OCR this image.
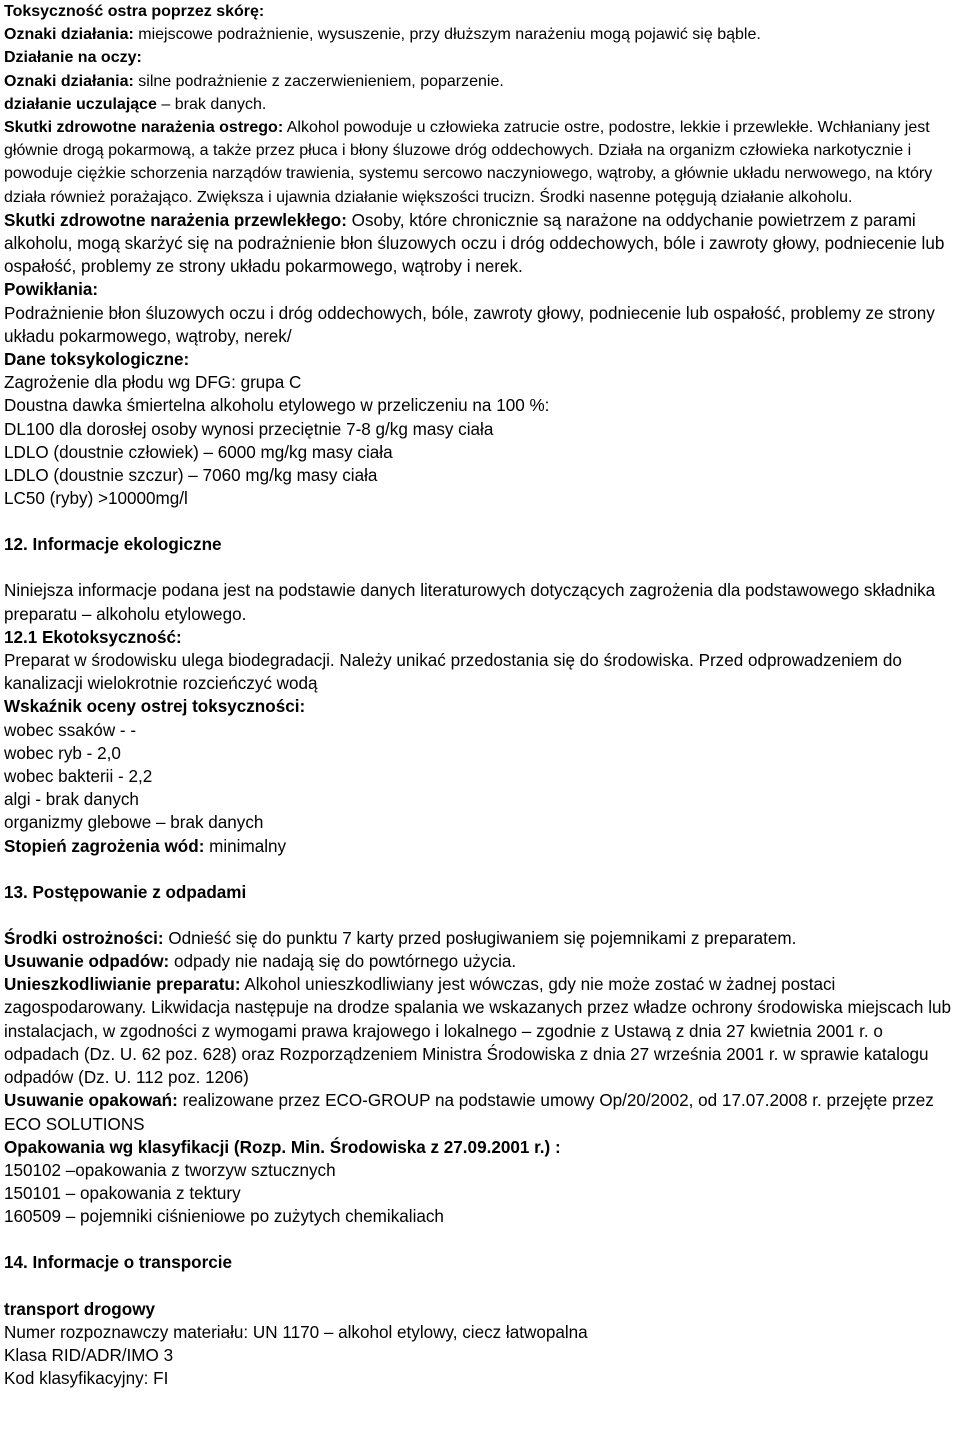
Toksyczność ostra poprzez skórę:

Oznaki działania: miejscowe podrażnienie, wysuszenie, przy dłuższym narażeniu mogą pojawić się bąble.

Działanie na oczy:

Oznaki działania: silne podrażnienie z zaczerwienieniem, poparzenie.

działanie uczulające – brak danych.

Skutki zdrowotne narażenia ostrego: Alkohol powoduje u człowieka zatrucie ostre, podostre, lekkie i przewlekłe. Wchłaniany jest głównie drogą pokarmową, a także przez płuca i błony śluzowe dróg oddechowych. Działa na organizm człowieka narkotycznie i powoduje ciężkie schorzenia narządów trawienia, systemu sercowo naczyniowego, wątroby, a głównie układu nerwowego, na który działa również porażająco. Zwiększa i ujawnia działanie większości trucizn. Środki nasenne potęgują działanie alkoholu.

Skutki zdrowotne narażenia przewlekłego: Osoby, które chronicznie są narażone na oddychanie powietrzem z parami alkoholu, mogą skarżyć się na podrażnienie błon śluzowych oczu i dróg oddechowych, bóle i zawroty głowy, podniecenie lub ospałość, problemy ze strony układu pokarmowego, wątroby i nerek.

Powikłania:

Podrażnienie błon śluzowych oczu i dróg oddechowych, bóle, zawroty głowy, podniecenie lub ospałość, problemy ze strony układu pokarmowego, wątroby, nerek/

Dane toksykologiczne:

Zagrożenie dla płodu wg DFG: grupa C

Doustna dawka śmiertelna alkoholu etylowego w przeliczeniu na 100 %:

DL100 dla dorosłej osoby wynosi przeciętnie 7-8 g/kg masy ciała

LDLO (doustnie człowiek) – 6000 mg/kg masy ciała

LDLO (doustnie szczur) – 7060 mg/kg masy ciała

LC50 (ryby) >10000mg/l

12. Informacje ekologiczne

Niniejsza informacje podana jest na podstawie danych literaturowych dotyczących zagrożenia dla podstawowego składnika preparatu – alkoholu etylowego.

12.1 Ekotoksyczność:

Preparat w środowisku ulega biodegradacji. Należy unikać przedostania się do środowiska. Przed odprowadzeniem do kanalizacji wielokrotnie rozcieńczyć wodą

Wskaźnik oceny ostrej toksyczności:

wobec ssaków - -

wobec ryb - 2,0

wobec bakterii - 2,2

algi - brak danych

organizmy glebowe – brak danych

Stopień zagrożenia wód: minimalny

13. Postępowanie z odpadami

Środki ostrożności: Odnieść się do punktu 7 karty przed posługiwaniem się pojemnikami z preparatem.

Usuwanie odpadów: odpady nie nadają się do powtórnego użycia.

Unieszkodliwianie preparatu: Alkohol unieszkodliwiany jest wówczas, gdy nie może zostać w żadnej postaci zagospodarowany. Likwidacja następuje na drodze spalania we wskazanych przez władze ochrony środowiska miejscach lub instalacjach, w zgodności z wymogami prawa krajowego i lokalnego – zgodnie z Ustawą z dnia 27 kwietnia 2001 r. o odpadach (Dz. U. 62 poz. 628) oraz Rozporządzeniem Ministra Środowiska z dnia 27 września 2001 r. w sprawie katalogu odpadów (Dz. U. 112 poz. 1206)

Usuwanie opakowań: realizowane przez ECO-GROUP na podstawie umowy Op/20/2002, od 17.07.2008 r. przejęte przez ECO SOLUTIONS

Opakowania wg klasyfikacji (Rozp. Min. Środowiska z 27.09.2001 r.) :

150102 –opakowania z tworzyw sztucznych

150101 – opakowania z tektury

160509 – pojemniki ciśnieniowe po zużytych chemikaliach

14. Informacje o transporcie

transport drogowy

Numer rozpoznawczy materiału: UN 1170 – alkohol etylowy, ciecz łatwopalna

Klasa RID/ADR/IMO 3

Kod klasyfikacyjny: FI
